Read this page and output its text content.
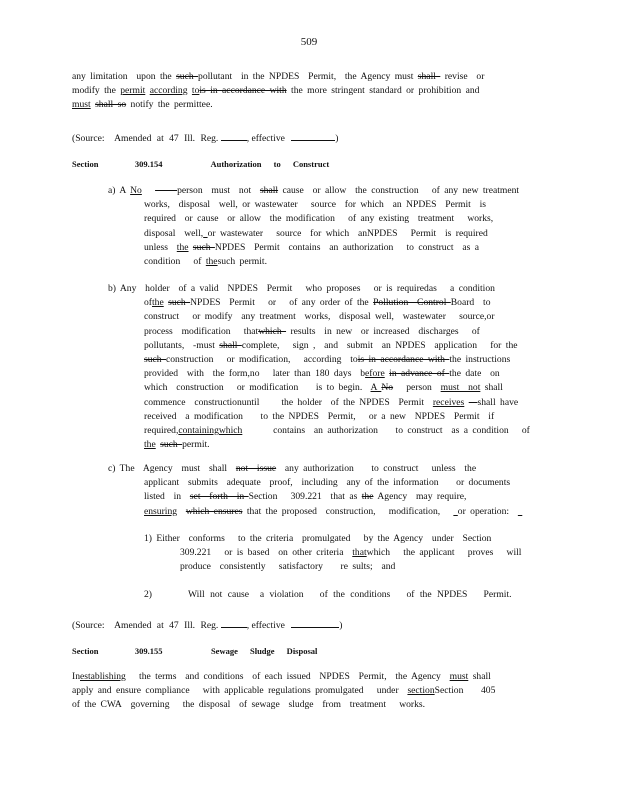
509
any limitation  upon the such pollutant  in the NPDES  Permit,  the Agency must shall  revise  or
modify the permit according tois in accordance with the more stringent standard or prohibition and
must shall so notify the permittee.
(Source: Amended at 47 Ill. Reg.	, effective	)
Section	309.154	Authorization to Construct
a) A No	person  must  not  shall cause  or allow  the construction   of any new treatment
works,  disposal  well, or wastewater   source  for which  an NPDES  Permit  is
required  or cause  or allow  the modification   of any existing  treatment   works,
disposal  well, or wastewater   source  for which  anNPDES   Permit  is required
unless  the such NPDES  Permit  contains  an authorization   to construct  as a
condition   of thesuch permit.
b) Any  holder  of a valid  NPDES  Permit   who proposes   or is requiredas   a condition
ofthe such NPDES  Permit   or   of any order of the Pollution  Control Board  to
construct   or modify  any treatment  works,  disposal well,  wastewater   source,or
process  modification   thatwhich  results  in new  or increased  discharges   of
pollutants,  -must shall complete,   sign ,  and  submit  an NPDES  application   for the
such construction   or modification,   according  tois in accordance with the instructions
provided  with  the form,no   later than 180 days  before in advance of the date  on
which  construction   or modification    is to begin.  A No   person  must  not shall
commence  constructionuntil     the holder  of the NPDES  Permit  receives shall have
received  a modification    to the NPDES  Permit,   or a new  NPDES  Permit  if
required,containingwhich       contains  an authorization    to construct  as a condition   of
the such permit.
c) The  Agency  must  shall  not  issue  any authorization    to construct   unless  the
applicant  submits  adequate  proof,  including  any of the information    or documents
listed  in  set  forth  in Section   309.221  that as the Agency  may require,
ensuring which ensures that the proposed  construction,   modification,    or operation:
1) Either  conforms   to the criteria  promulgated   by the Agency  under  Section
309.221   or is based  on other criteria  thatwhich   the applicant   proves   will
produce  consistently   satisfactory    re sults;  and
2)	Will not cause  a violation   of the conditions   of the NPDES   Permit.
(Source: Amended at 47 Ill. Reg.	, effective	)
Section	309.155	Sewage Sludge Disposal
Inestablishing   the terms  and conditions  of each issued  NPDES  Permit,  the Agency  must shall
apply and ensure compliance   with applicable regulations promulgated   under  sectionSection    405
of the CWA  governing   the disposal  of sewage  sludge  from  treatment   works.
